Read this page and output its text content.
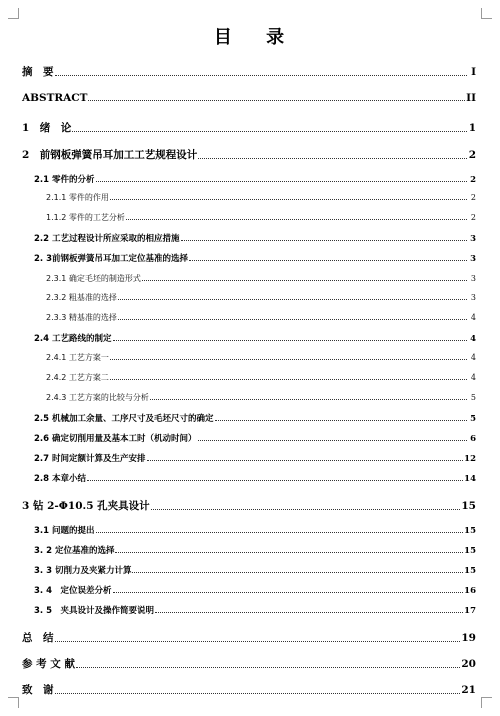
目 录
摘　要	I
ABSTRACT	II
1　绪　论	1
2　前钢板弹簧吊耳加工工艺规程设计	2
2.1 零件的分析	2
2.1.1 零件的作用	2
1.1.2 零件的工艺分析	2
2.2 工艺过程设计所应采取的相应措施	3
2. 3前钢板弹簧吊耳加工定位基准的选择	3
2.3.1 确定毛坯的制造形式	3
2.3.2 粗基准的选择	3
2.3.3 精基准的选择	4
2.4 工艺路线的制定	4
2.4.1 工艺方案一	4
2.4.2 工艺方案二	4
2.4.3 工艺方案的比较与分析	5
2.5 机械加工余量、工序尺寸及毛坯尺寸的确定	5
2.6 确定切削用量及基本工时（机动时间）	6
2.7 时间定额计算及生产安排	12
2.8 本章小结	14
3 钻 2-Φ10.5 孔夹具设计	15
3.1 问题的提出	15
3. 2 定位基准的选择	15
3. 3 切削力及夹紧力计算	15
3. 4　定位误差分析	16
3. 5　夹具设计及操作简要说明	17
总　结	19
参 考 文 献	20
致　谢	21
